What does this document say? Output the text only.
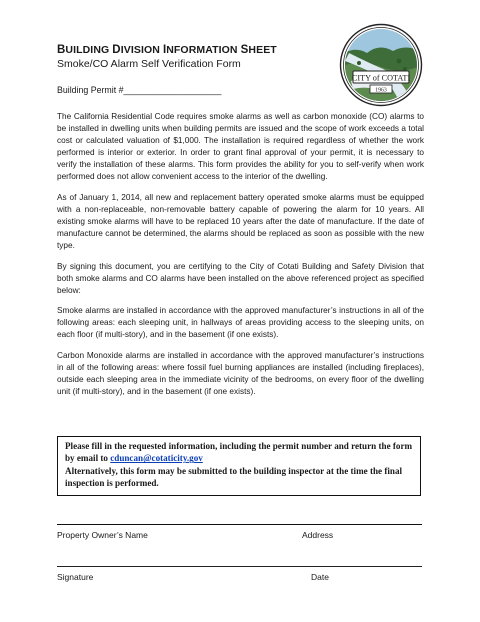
BUILDING DIVISION INFORMATION SHEET
Smoke/CO Alarm Self Verification Form
Building Permit #____________________
CITY of COTATI
1963

The California Residential Code requires smoke alarms as well as carbon monoxide (CO) alarms to be installed in dwelling units when building permits are issued and the scope of work exceeds a total cost or calculated valuation of $1,000. The installation is required regardless of whether the work performed is interior or exterior. In order to grant final approval of your permit, it is necessary to verify the installation of these alarms. This form provides the ability for you to self-verify when work performed does not allow convenient access to the interior of the dwelling.

As of January 1, 2014, all new and replacement battery operated smoke alarms must be equipped with a non-replaceable, non-removable battery capable of powering the alarm for 10 years. All existing smoke alarms will have to be replaced 10 years after the date of manufacture. If the date of manufacture cannot be determined, the alarms should be replaced as soon as possible with the new type.

By signing this document, you are certifying to the City of Cotati Building and Safety Division that both smoke alarms and CO alarms have been installed on the above referenced project as specified below:

Smoke alarms are installed in accordance with the approved manufacturer’s instructions in all of the following areas: each sleeping unit, in hallways of areas providing access to the sleeping units, on each floor (if multi-story), and in the basement (if one exists).

Carbon Monoxide alarms are installed in accordance with the approved manufacturer’s instructions in all of the following areas: where fossil fuel burning appliances are installed (including fireplaces), outside each sleeping area in the immediate vicinity of the bedrooms, on every floor of the dwelling unit (if multi-story), and in the basement (if one exists).

Please fill in the requested information, including the permit number and return the form by email to cduncan@cotaticity.gov
Alternatively, this form may be submitted to the building inspector at the time the final inspection is performed.
Property Owner’s Name	Address
Signature	Date
